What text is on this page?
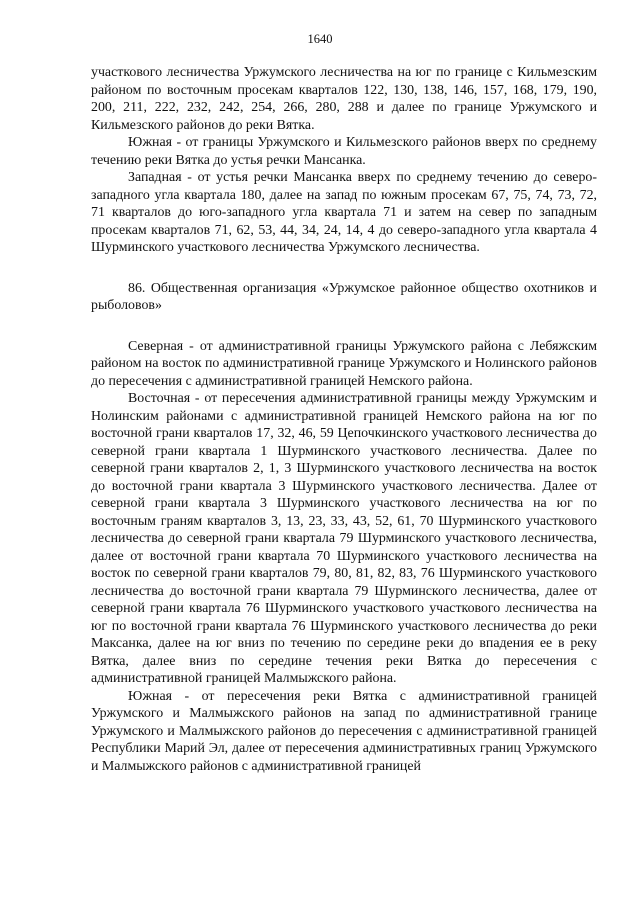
1640

участкового лесничества Уржумского лесничества на юг по границе с Кильмезским районом по восточным просекам кварталов 122, 130, 138, 146, 157, 168, 179, 190, 200, 211, 222, 232, 242, 254, 266, 280, 288 и далее по границе Уржумского и Кильмезского районов до реки Вятка.

Южная - от границы Уржумского и Кильмезского районов вверх по среднему течению реки Вятка до устья речки Мансанка.

Западная - от устья речки Мансанка вверх по среднему течению до северо-западного угла квартала 180, далее на запад по южным просекам 67, 75, 74, 73, 72, 71 кварталов до юго-западного угла квартала 71 и затем на север по западным просекам кварталов 71, 62, 53, 44, 34, 24, 14, 4 до северо-западного угла квартала 4 Шурминского участкового лесничества Уржумского лесничества.

86. Общественная организация «Уржумское районное общество охотников и рыболовов»

Северная - от административной границы Уржумского района с Лебяжским районом на восток по административной границе Уржумского и Нолинского районов до пересечения с административной границей Немского района.

Восточная - от пересечения административной границы между Уржумским и Нолинским районами с административной границей Немского района на юг по восточной грани кварталов 17, 32, 46, 59 Цепочкинского участкового лесничества до северной грани квартала 1 Шурминского участкового лесничества. Далее по северной грани кварталов 2, 1, 3 Шурминского участкового лесничества на восток до восточной грани квартала 3 Шурминского участкового лесничества. Далее от северной грани квартала 3 Шурминского участкового лесничества на юг по восточным граням кварталов 3, 13, 23, 33, 43, 52, 61, 70 Шурминского участкового лесничества до северной грани квартала 79 Шурминского участкового лесничества, далее от восточной грани квартала 70 Шурминского участкового лесничества на восток по северной грани кварталов 79, 80, 81, 82, 83, 76 Шурминского участкового лесничества до восточной грани квартала 79 Шурминского лесничества, далее от северной грани квартала 76 Шурминского участкового участкового лесничества на юг по восточной грани квартала 76 Шурминского участкового лесничества до реки Максанка, далее на юг вниз по течению по середине реки до впадения ее в реку Вятка, далее вниз по середине течения реки Вятка до пересечения с административной границей Малмыжского района.

Южная - от пересечения реки Вятка с административной границей Уржумского и Малмыжского районов на запад по административной границе Уржумского и Малмыжского районов до пересечения с административной границей Республики Марий Эл, далее от пересечения административных границ Уржумского и Малмыжского районов с административной границей
